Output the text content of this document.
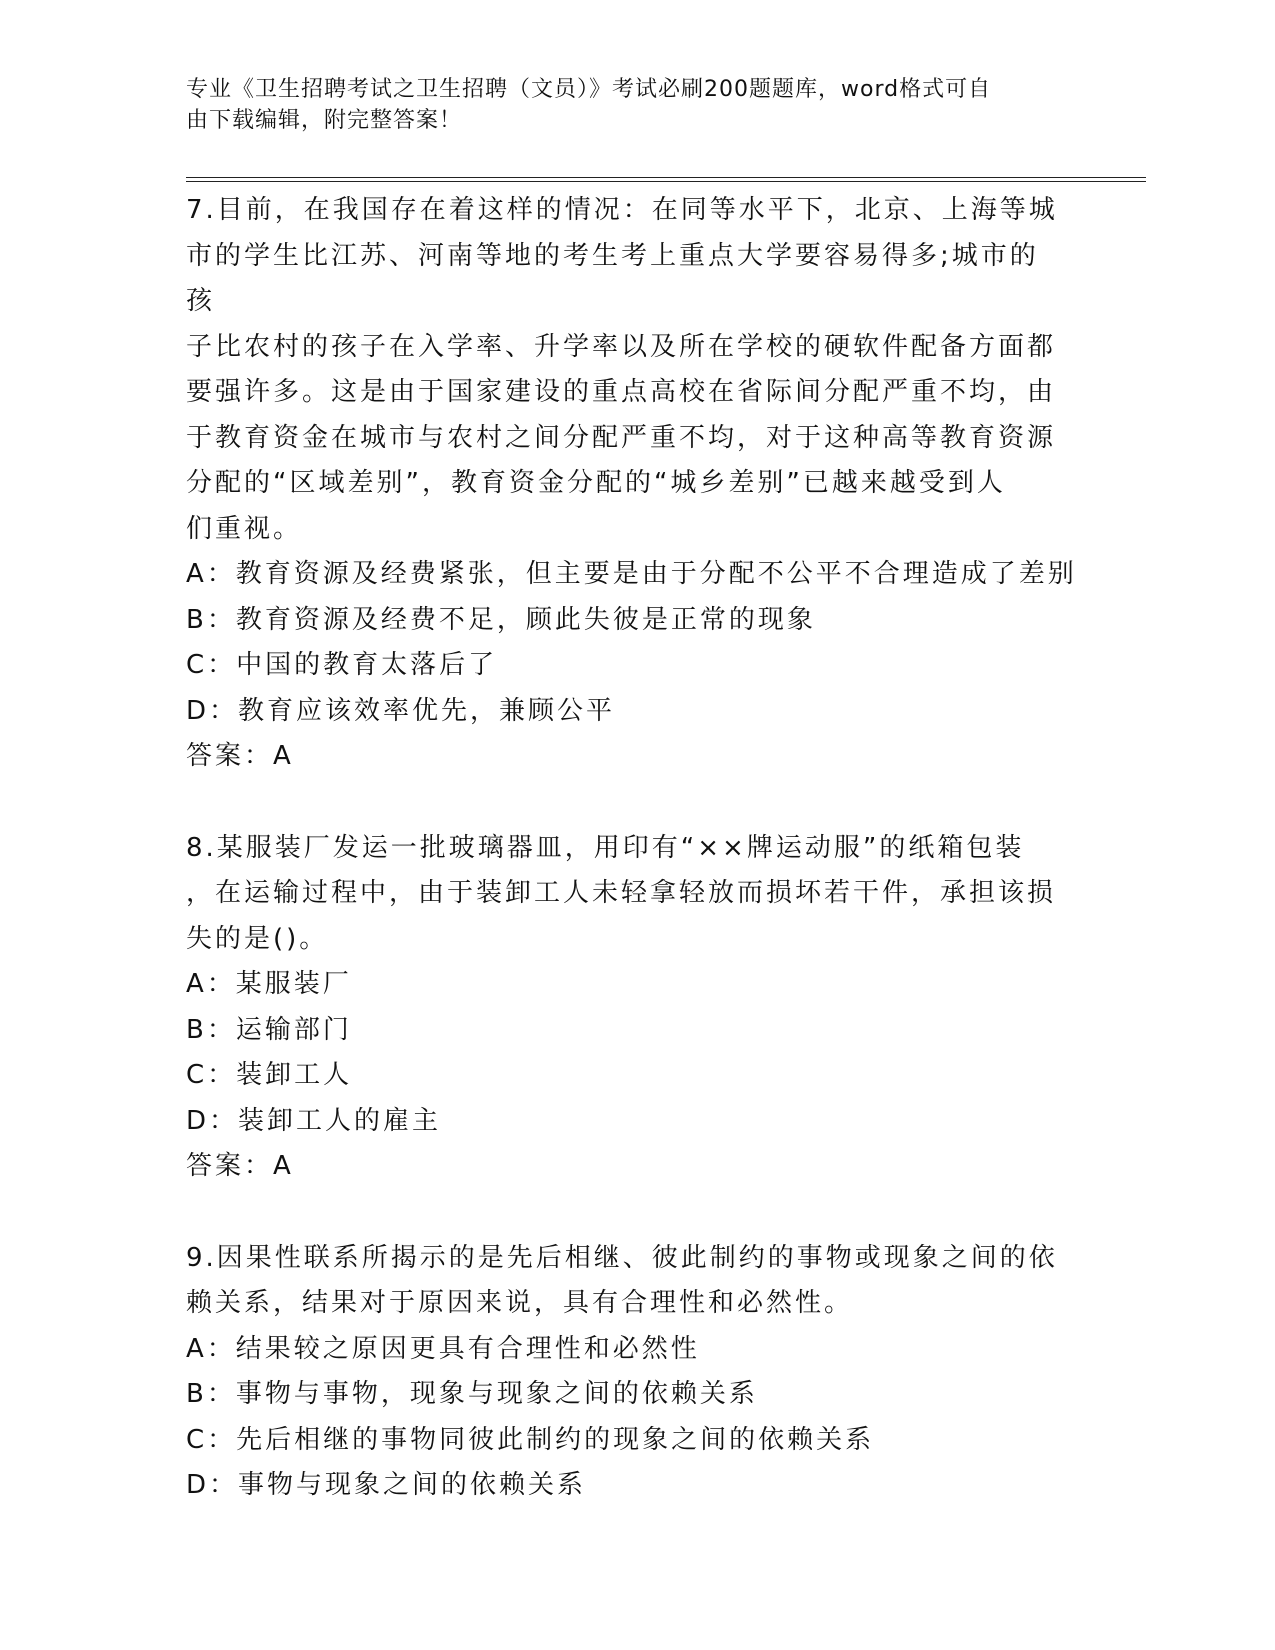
专业《卫生招聘考试之卫生招聘（文员）》考试必刷200题题库，word格式可自
由下载编辑，附完整答案！
7.目前，在我国存在着这样的情况：在同等水平下，北京、上海等城
市的学生比江苏、河南等地的考生考上重点大学要容易得多;城市的孩
子比农村的孩子在入学率、升学率以及所在学校的硬软件配备方面都
要强许多。这是由于国家建设的重点高校在省际间分配严重不均，由
于教育资金在城市与农村之间分配严重不均，对于这种高等教育资源
分配的“区域差别”，教育资金分配的“城乡差别”已越来越受到人
们重视。
A：教育资源及经费紧张，但主要是由于分配不公平不合理造成了差别
B：教育资源及经费不足，顾此失彼是正常的现象
C：中国的教育太落后了
D：教育应该效率优先，兼顾公平
答案：A
8.某服装厂发运一批玻璃器皿，用印有“××牌运动服”的纸箱包装
，在运输过程中，由于装卸工人未轻拿轻放而损坏若干件，承担该损
失的是()。
A：某服装厂
B：运输部门
C：装卸工人
D：装卸工人的雇主
答案：A
9.因果性联系所揭示的是先后相继、彼此制约的事物或现象之间的依
赖关系，结果对于原因来说，具有合理性和必然性。
A：结果较之原因更具有合理性和必然性
B：事物与事物，现象与现象之间的依赖关系
C：先后相继的事物同彼此制约的现象之间的依赖关系
D：事物与现象之间的依赖关系
